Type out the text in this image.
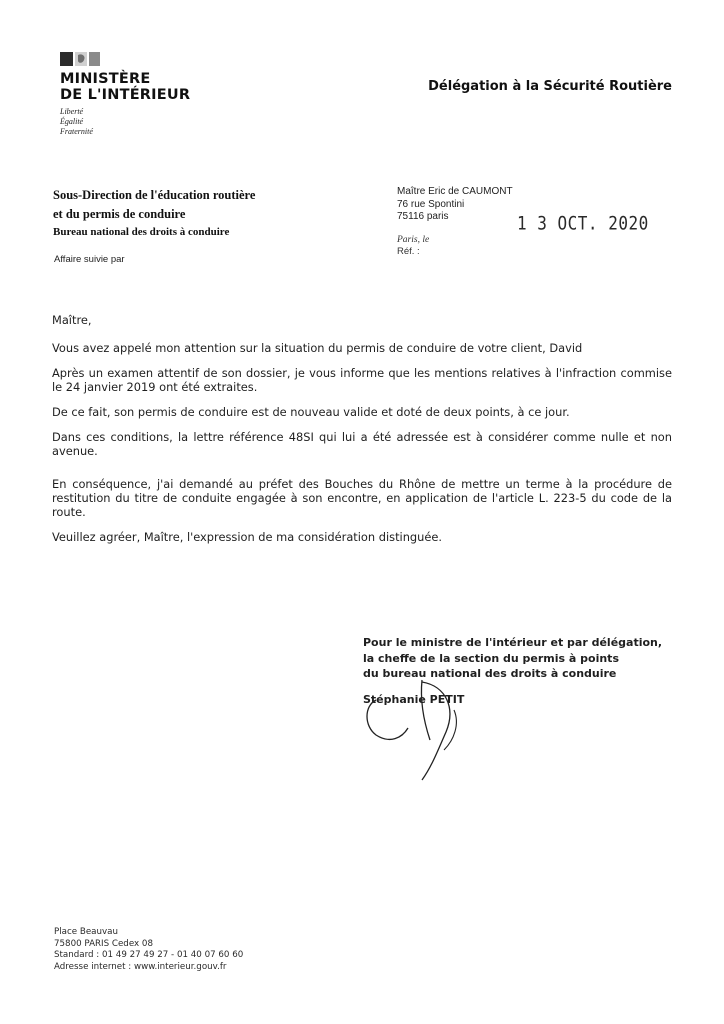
MINISTÈRE
DE L'INTÉRIEUR
Liberté
Égalité
Fraternité
Délégation à la Sécurité Routière
Sous-Direction de l'éducation routière
et du permis de conduire
Bureau national des droits à conduire
Affaire suivie par
Maître Eric de CAUMONT
76 rue Spontini
75116 paris	1 3 OCT. 2020
Paris, le
Réf. :

Maître,

Vous avez appelé mon attention sur la situation du permis de conduire de votre client, David

Après un examen attentif de son dossier, je vous informe que les mentions relatives à l'infraction commise le 24 janvier 2019 ont été extraites.

De ce fait, son permis de conduire est de nouveau valide et doté de deux points, à ce jour.

Dans ces conditions, la lettre référence 48SI qui lui a été adressée est à considérer comme nulle et non avenue.

En conséquence, j'ai demandé au préfet des Bouches du Rhône de mettre un terme à la procédure de restitution du titre de conduite engagée à son encontre, en application de l'article L. 223-5 du code de la route.

Veuillez agréer, Maître, l'expression de ma considération distinguée.

Pour le ministre de l'intérieur et par délégation,
la cheffe de la section du permis à points
du bureau national des droits à conduire
Stéphanie PETIT
Place Beauvau
75800 PARIS Cedex 08
Standard : 01 49 27 49 27 - 01 40 07 60 60
Adresse internet : www.interieur.gouv.fr
